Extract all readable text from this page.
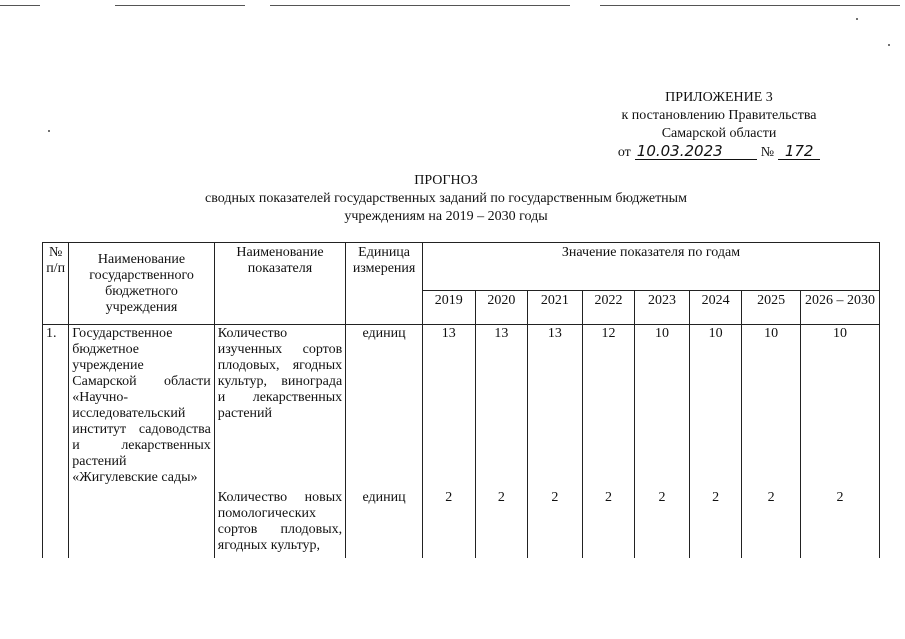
ПРИЛОЖЕНИЕ 3
к постановлению Правительства
Самарской области
от 10.03.2023	№ 172
ПРОГНОЗ
сводных показателей государственных заданий по государственным бюджетным
учреждениям на 2019 – 2030 годы
№ п/п	Наименование государственного бюджетного учреждения	Наименование показателя	Единица измерения	Значение показателя по годам							
				2019	2020	2021	2022	2023	2024	2025	2026 – 2030
1.	Государственное бюджетное учреждение Самарской области «Научно-исследовательский институт садоводства и лекарственных растений «Жигулевские сады»	Количество изученных сортов плодовых, ягодных культур, винограда и лекарственных растений	единиц	13	13	13	12	10	10	10	10
		Количество новых помологических сортов плодовых, ягодных культур,	единиц	2	2	2	2	2	2	2	2
